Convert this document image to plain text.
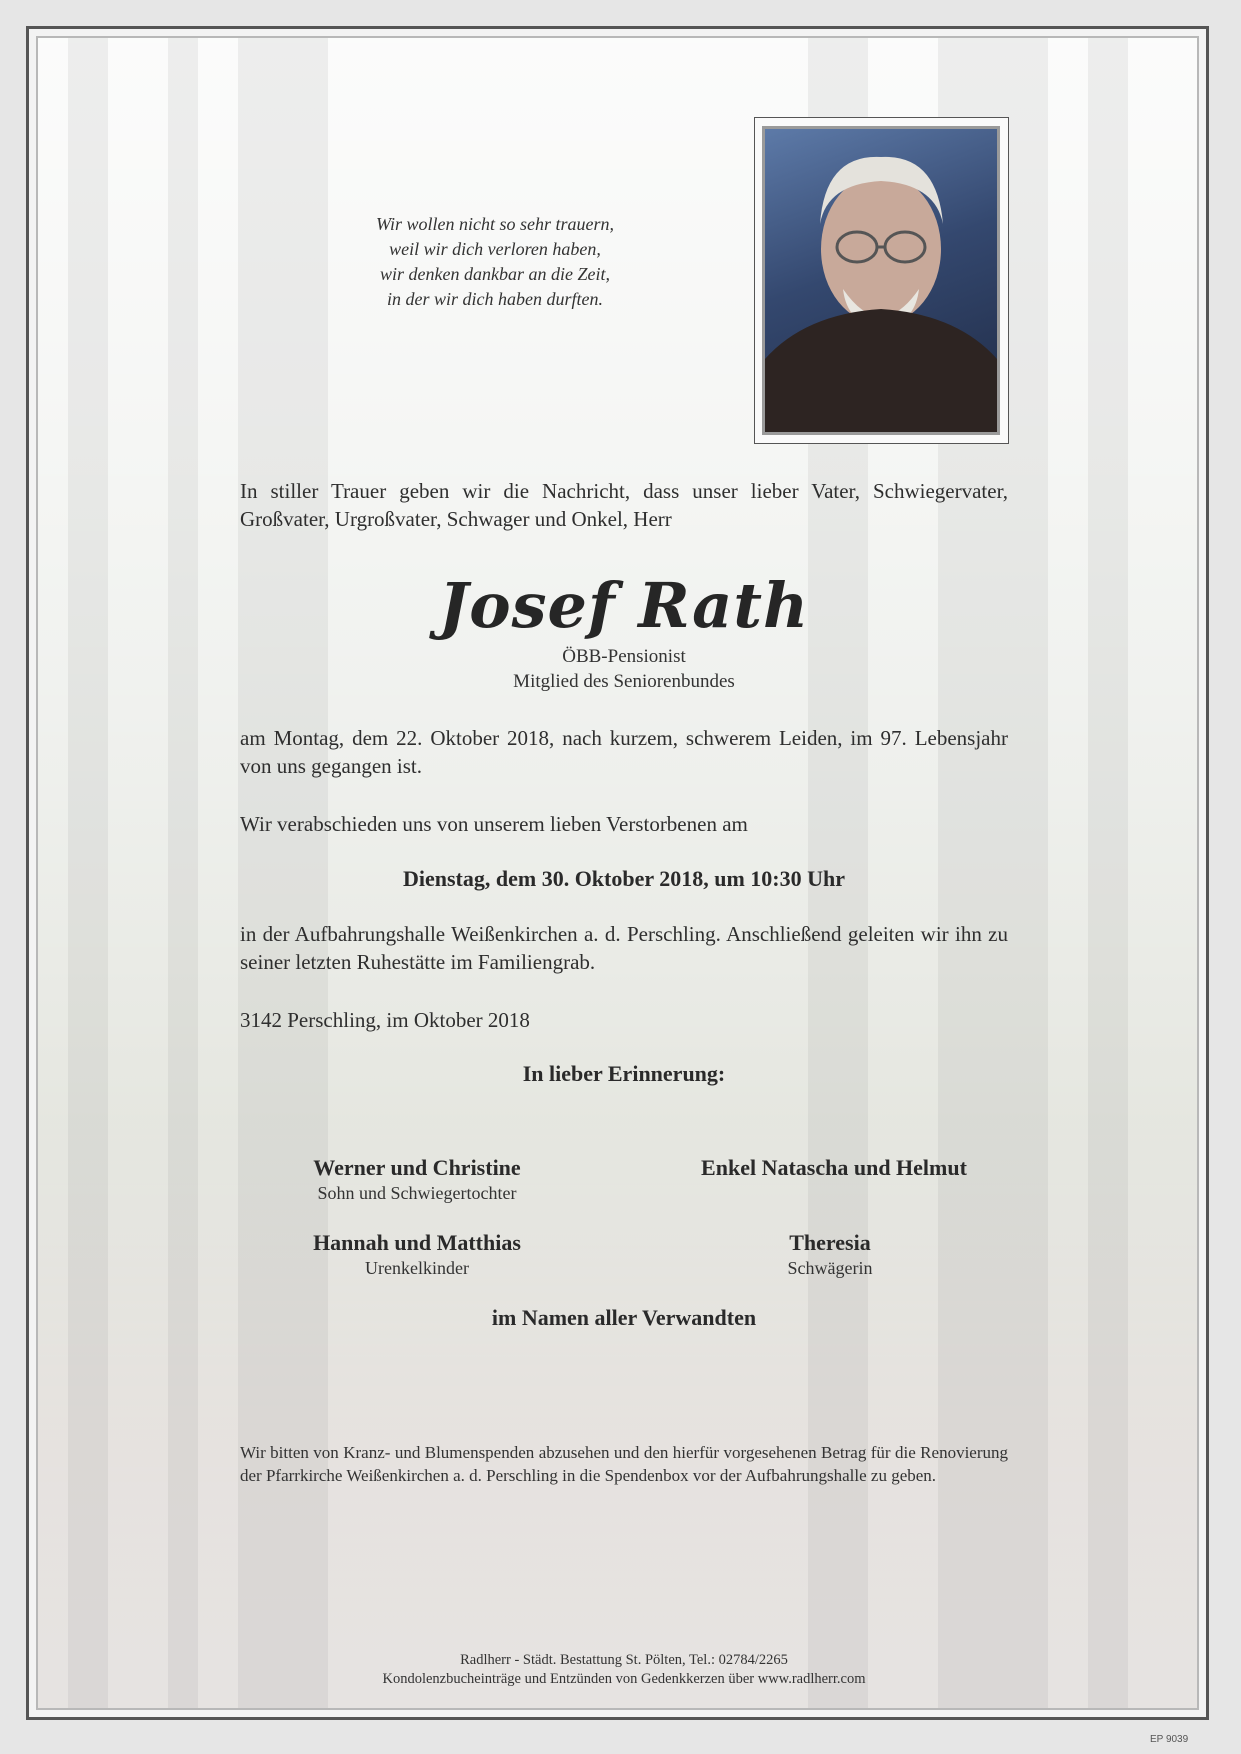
Wir wollen nicht so sehr trauern,
weil wir dich verloren haben,
wir denken dankbar an die Zeit,
in der wir dich haben durften.
In stiller Trauer geben wir die Nachricht, dass unser lieber Vater, Schwiegervater, Großvater, Urgroßvater, Schwager und Onkel, Herr
Josef Rath
ÖBB-Pensionist
Mitglied des Seniorenbundes
am Montag, dem 22. Oktober 2018, nach kurzem, schwerem Leiden, im 97. Lebensjahr von uns gegangen ist.
Wir verabschieden uns von unserem lieben Verstorbenen am
Dienstag, dem 30. Oktober 2018, um 10:30 Uhr
in der Aufbahrungshalle Weißenkirchen a. d. Perschling. Anschließend geleiten wir ihn zu seiner letzten Ruhestätte im Familiengrab.
3142 Perschling, im Oktober 2018
In lieber Erinnerung:
Werner und Christine
Sohn und Schwiegertochter
Enkel Natascha und Helmut
Hannah und Matthias
Urenkelkinder
Theresia
Schwägerin
im Namen aller Verwandten
Wir bitten von Kranz- und Blumenspenden abzusehen und den hierfür vorgesehenen Betrag für die Renovierung der Pfarrkirche Weißenkirchen a. d. Perschling in die Spendenbox vor der Aufbahrungshalle zu geben.
Radlherr - Städt. Bestattung St. Pölten, Tel.: 02784/2265
Kondolenzbucheinträge und Entzünden von Gedenkkerzen über www.radlherr.com
EP 9039
